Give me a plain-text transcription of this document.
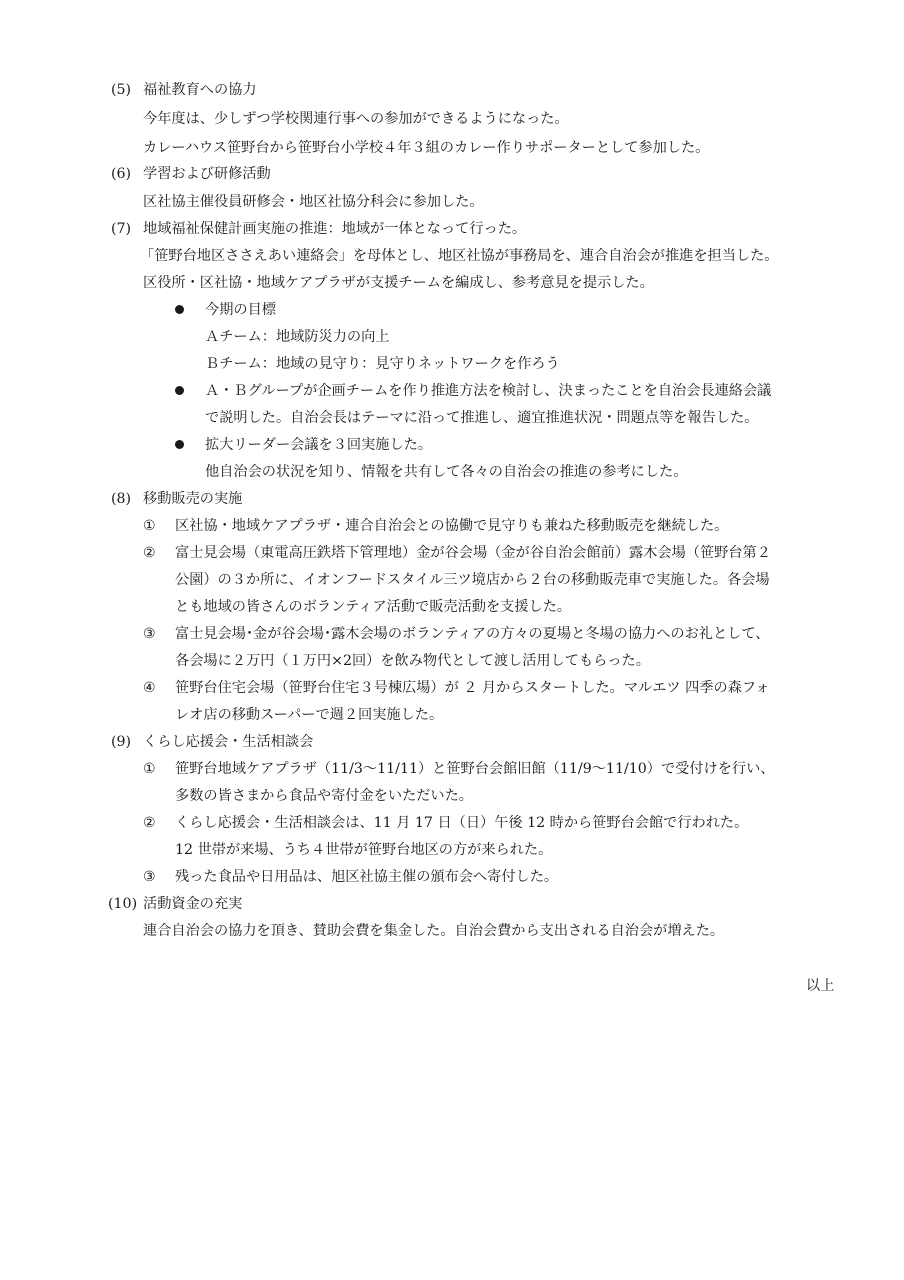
(5) 福祉教育への協力
今年度は、少しずつ学校関連行事への参加ができるようになった。
カレーハウス笹野台から笹野台小学校４年３組のカレー作りサポーターとして参加した。
(6) 学習および研修活動
区社協主催役員研修会・地区社協分科会に参加した。
(7) 地域福祉保健計画実施の推進：地域が一体となって行った。
「笹野台地区ささえあい連絡会」を母体とし、地区社協が事務局を、連合自治会が推進を担当した。
区役所・区社協・地域ケアプラザが支援チームを編成し、参考意見を提示した。
今期の目標
Ａチーム：地域防災力の向上
Ｂチーム：地域の見守り：見守りネットワークを作ろう
Ａ・Ｂグループが企画チームを作り推進方法を検討し、決まったことを自治会長連絡会議
で説明した。自治会長はテーマに沿って推進し、適宜推進状況・問題点等を報告した。
拡大リーダー会議を３回実施した。
他自治会の状況を知り、情報を共有して各々の自治会の推進の参考にした。
(8) 移動販売の実施
① 区社協・地域ケアプラザ・連合自治会との協働で見守りも兼ねた移動販売を継続した。
② 富士見会場（東電高圧鉄塔下管理地）金が谷会場（金が谷自治会館前）露木会場（笹野台第２
公園）の３か所に、イオンフードスタイル三ツ境店から２台の移動販売車で実施した。各会場
とも地域の皆さんのボランティア活動で販売活動を支援した。
③ 富士見会場･金が谷会場･露木会場のボランティアの方々の夏場と冬場の協力へのお礼として、
各会場に２万円（１万円×2回）を飲み物代として渡し活用してもらった。
④ 笹野台住宅会場（笹野台住宅３号棟広場）が ２ 月からスタートした。マルエツ 四季の森フォ
レオ店の移動スーパーで週２回実施した。
(9) くらし応援会・生活相談会
① 笹野台地域ケアプラザ（11/3～11/11）と笹野台会館旧館（11/9～11/10）で受付けを行い、
多数の皆さまから食品や寄付金をいただいた。
② くらし応援会・生活相談会は、11 月 17 日（日）午後 12 時から笹野台会館で行われた。
12 世帯が来場、うち４世帯が笹野台地区の方が来られた。
③ 残った食品や日用品は、旭区社協主催の頒布会へ寄付した。
(10) 活動資金の充実
連合自治会の協力を頂き、賛助会費を集金した。自治会費から支出される自治会が増えた。
以上
